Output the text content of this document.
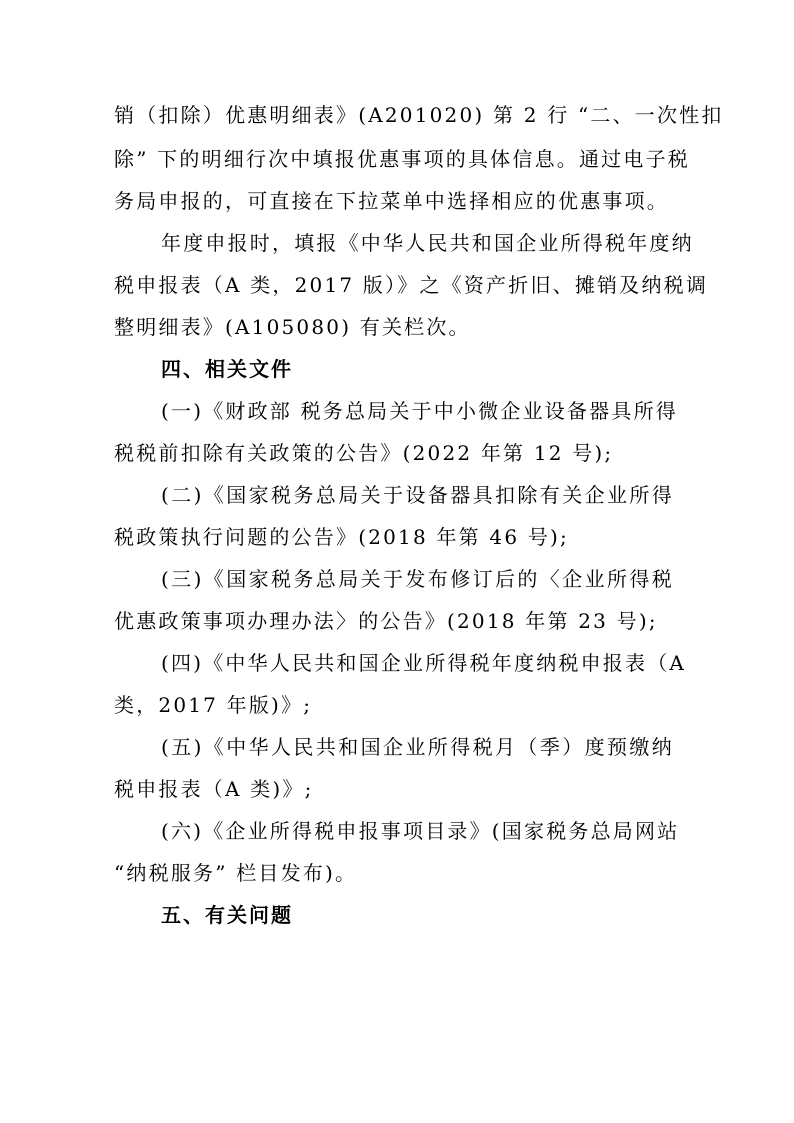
销（扣除）优惠明细表》(A201020) 第 2 行 “二、一次性扣
除” 下的明细行次中填报优惠事项的具体信息。通过电子税
务局申报的，可直接在下拉菜单中选择相应的优惠事项。
年度申报时，填报《中华人民共和国企业所得税年度纳
税申报表（A 类，2017 版）》之《资产折旧、摊销及纳税调
整明细表》(A105080) 有关栏次。
四、相关文件
(一)《财政部 税务总局关于中小微企业设备器具所得
税税前扣除有关政策的公告》(2022 年第 12 号);
(二)《国家税务总局关于设备器具扣除有关企业所得
税政策执行问题的公告》(2018 年第 46 号);
(三)《国家税务总局关于发布修订后的〈企业所得税
优惠政策事项办理办法〉的公告》(2018 年第 23 号);
(四)《中华人民共和国企业所得税年度纳税申报表（A
类，2017 年版)》;
(五)《中华人民共和国企业所得税月（季）度预缴纳
税申报表（A 类)》;
(六)《企业所得税申报事项目录》(国家税务总局网站
“纳税服务” 栏目发布)。
五、有关问题
